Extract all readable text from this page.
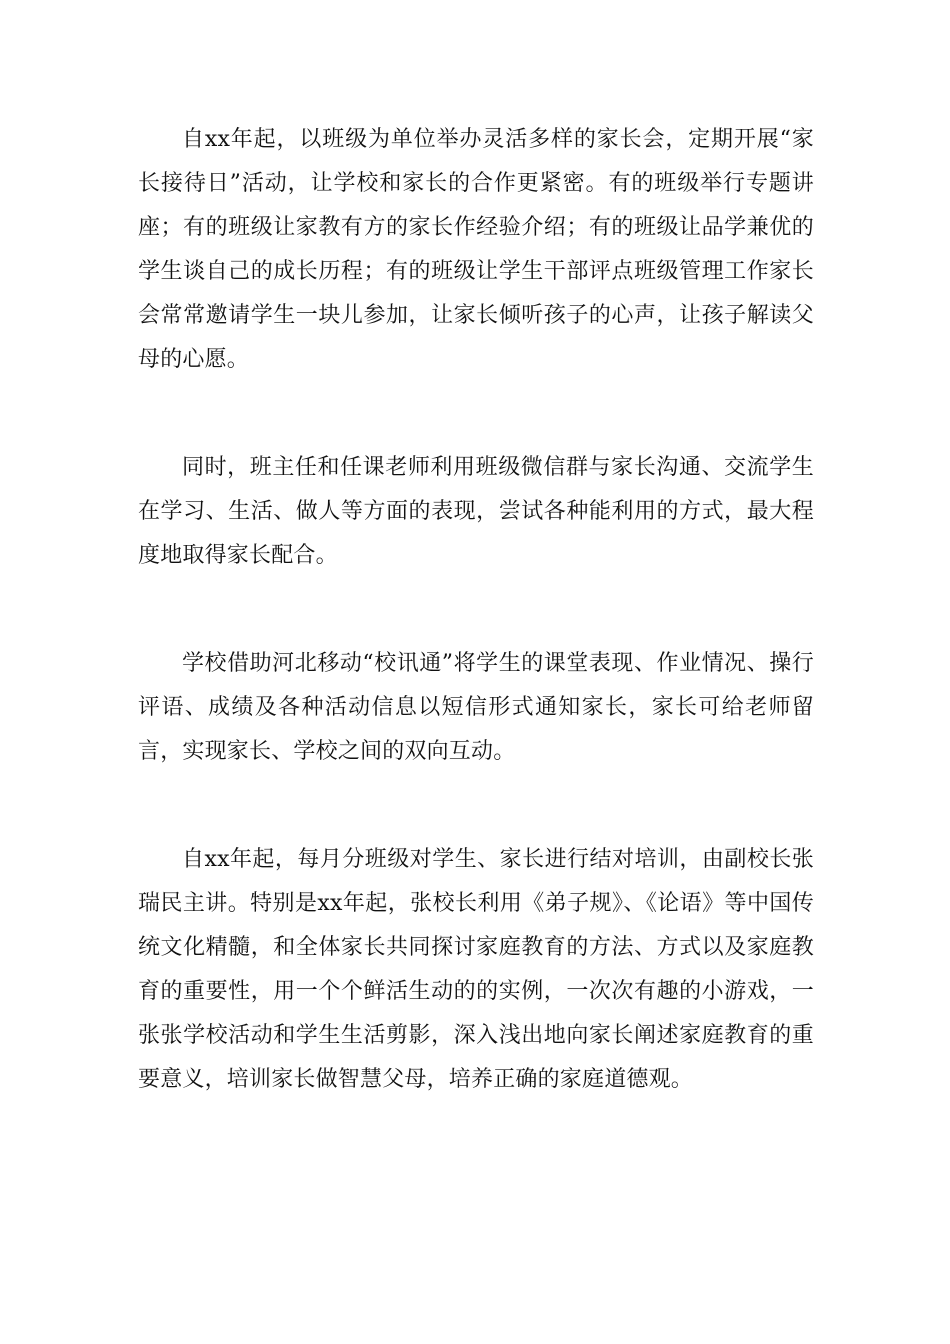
自xx年起，以班级为单位举办灵活多样的家长会，定期开展“家长接待日”活动，让学校和家长的合作更紧密。有的班级举行专题讲座；有的班级让家教有方的家长作经验介绍；有的班级让品学兼优的学生谈自己的成长历程；有的班级让学生干部评点班级管理工作家长会常常邀请学生一块儿参加，让家长倾听孩子的心声，让孩子解读父母的心愿。

同时，班主任和任课老师利用班级微信群与家长沟通、交流学生在学习、生活、做人等方面的表现，尝试各种能利用的方式，最大程度地取得家长配合。

学校借助河北移动“校讯通”将学生的课堂表现、作业情况、操行评语、成绩及各种活动信息以短信形式通知家长，家长可给老师留言，实现家长、学校之间的双向互动。

自xx年起，每月分班级对学生、家长进行结对培训，由副校长张瑞民主讲。特别是xx年起，张校长利用《弟子规》、《论语》等中国传统文化精髓，和全体家长共同探讨家庭教育的方法、方式以及家庭教育的重要性，用一个个鲜活生动的的实例，一次次有趣的小游戏，一张张学校活动和学生生活剪影，深入浅出地向家长阐述家庭教育的重要意义，培训家长做智慧父母，培养正确的家庭道德观。
